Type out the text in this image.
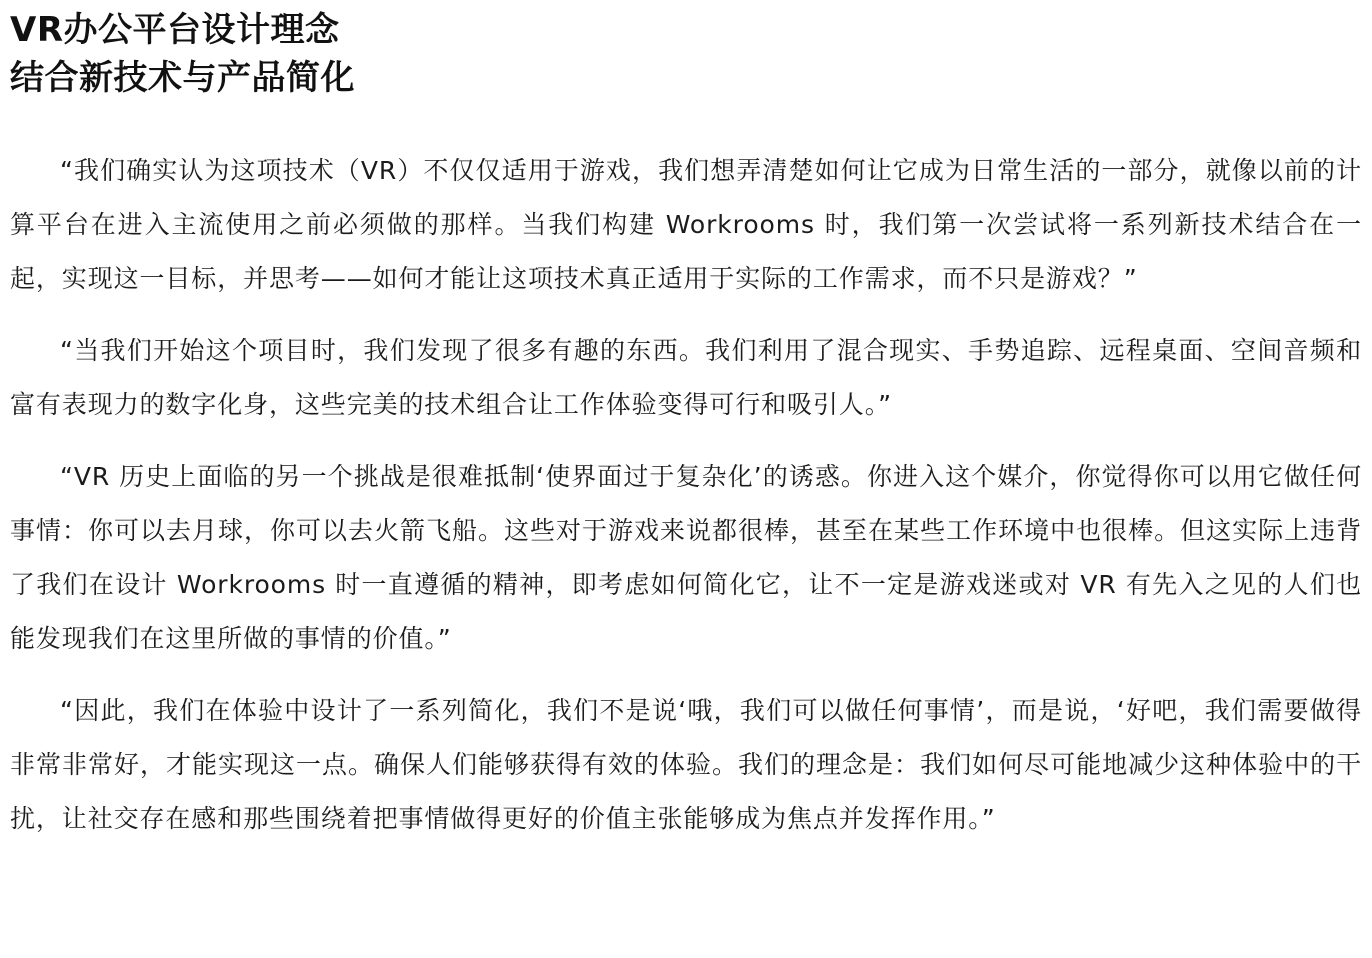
VR办公平台设计理念
结合新技术与产品简化

“我们确实认为这项技术（VR）不仅仅适用于游戏，我们想弄清楚如何让它成为日常生活的一部分，就像以前的计算平台在进入主流使用之前必须做的那样。当我们构建 Workrooms 时，我们第一次尝试将一系列新技术结合在一起，实现这一目标，并思考——如何才能让这项技术真正适用于实际的工作需求，而不只是游戏？”

“当我们开始这个项目时，我们发现了很多有趣的东西。我们利用了混合现实、手势追踪、远程桌面、空间音频和富有表现力的数字化身，这些完美的技术组合让工作体验变得可行和吸引人。”

“VR 历史上面临的另一个挑战是很难抵制‘使界面过于复杂化’的诱惑。你进入这个媒介，你觉得你可以用它做任何事情：你可以去月球，你可以去火箭飞船。这些对于游戏来说都很棒，甚至在某些工作环境中也很棒。但这实际上违背了我们在设计 Workrooms 时一直遵循的精神，即考虑如何简化它，让不一定是游戏迷或对 VR 有先入之见的人们也能发现我们在这里所做的事情的价值。”

“因此，我们在体验中设计了一系列简化，我们不是说‘哦，我们可以做任何事情’，而是说，‘好吧，我们需要做得非常非常好，才能实现这一点。确保人们能够获得有效的体验。我们的理念是：我们如何尽可能地减少这种体验中的干扰，让社交存在感和那些围绕着把事情做得更好的价值主张能够成为焦点并发挥作用。”
